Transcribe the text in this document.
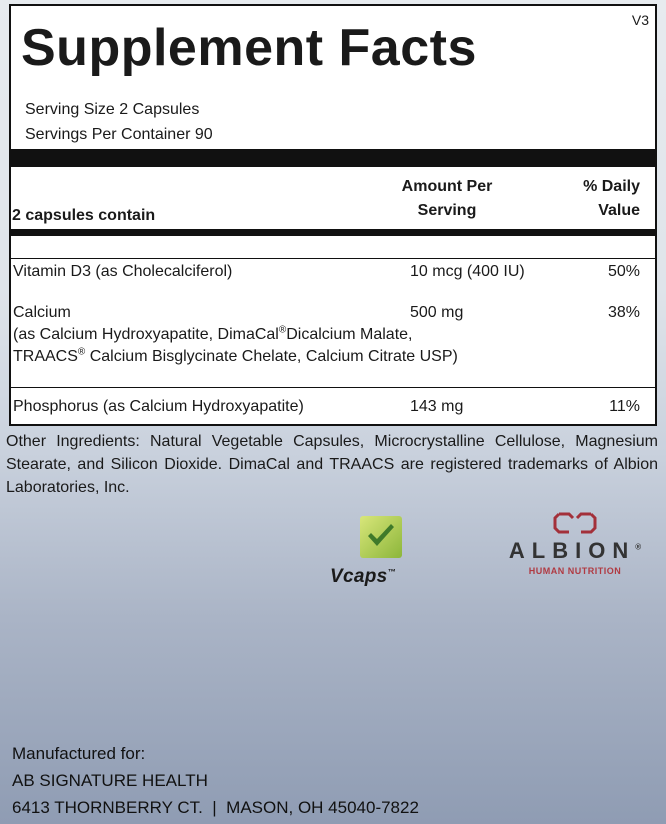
V3
Supplement Facts
Serving Size 2 Capsules
Servings Per Container 90
2 capsules contain
Amount Per
Serving
% Daily
Value
Vitamin D3 (as Cholecalciferol)	10 mcg (400 IU)	50%
Calcium
(as Calcium Hydroxyapatite, DimaCal®Dicalcium Malate,
TRAACS® Calcium Bisglycinate Chelate, Calcium Citrate USP)
500 mg	38%
Phosphorus (as Calcium Hydroxyapatite)	143 mg	11%
Other Ingredients: Natural Vegetable Capsules, Microcrystalline Cellulose, Magnesium Stearate, and Silicon Dioxide. DimaCal and TRAACS are registered trademarks of Albion Laboratories, Inc.
Vcaps™
ALBION®
HUMAN NUTRITION
Manufactured for:
AB SIGNATURE HEALTH
6413 THORNBERRY CT.  |  MASON, OH 45040-7822
